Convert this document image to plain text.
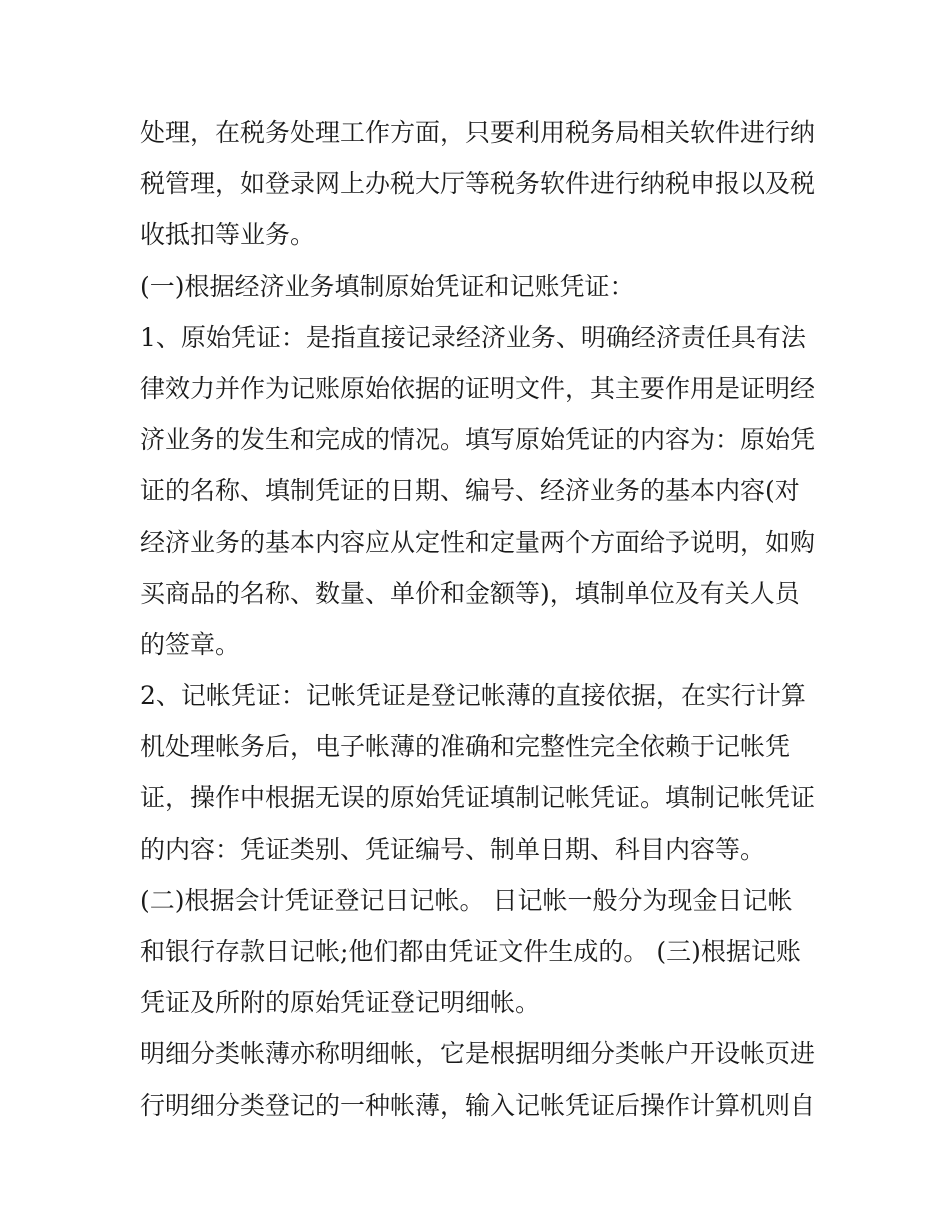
处理，在税务处理工作方面，只要利用税务局相关软件进行纳
税管理，如登录网上办税大厅等税务软件进行纳税申报以及税
收抵扣等业务。
(一)根据经济业务填制原始凭证和记账凭证：
1、原始凭证：是指直接记录经济业务、明确经济责任具有法
律效力并作为记账原始依据的证明文件，其主要作用是证明经
济业务的发生和完成的情况。填写原始凭证的内容为：原始凭
证的名称、填制凭证的日期、编号、经济业务的基本内容(对
经济业务的基本内容应从定性和定量两个方面给予说明，如购
买商品的名称、数量、单价和金额等)，填制单位及有关人员
的签章。
2、记帐凭证：记帐凭证是登记帐薄的直接依据，在实行计算
机处理帐务后，电子帐薄的准确和完整性完全依赖于记帐凭
证，操作中根据无误的原始凭证填制记帐凭证。填制记帐凭证
的内容：凭证类别、凭证编号、制单日期、科目内容等。
(二)根据会计凭证登记日记帐。 日记帐一般分为现金日记帐
和银行存款日记帐;他们都由凭证文件生成的。 (三)根据记账
凭证及所附的原始凭证登记明细帐。
明细分类帐薄亦称明细帐，它是根据明细分类帐户开设帐页进
行明细分类登记的一种帐薄，输入记帐凭证后操作计算机则自
